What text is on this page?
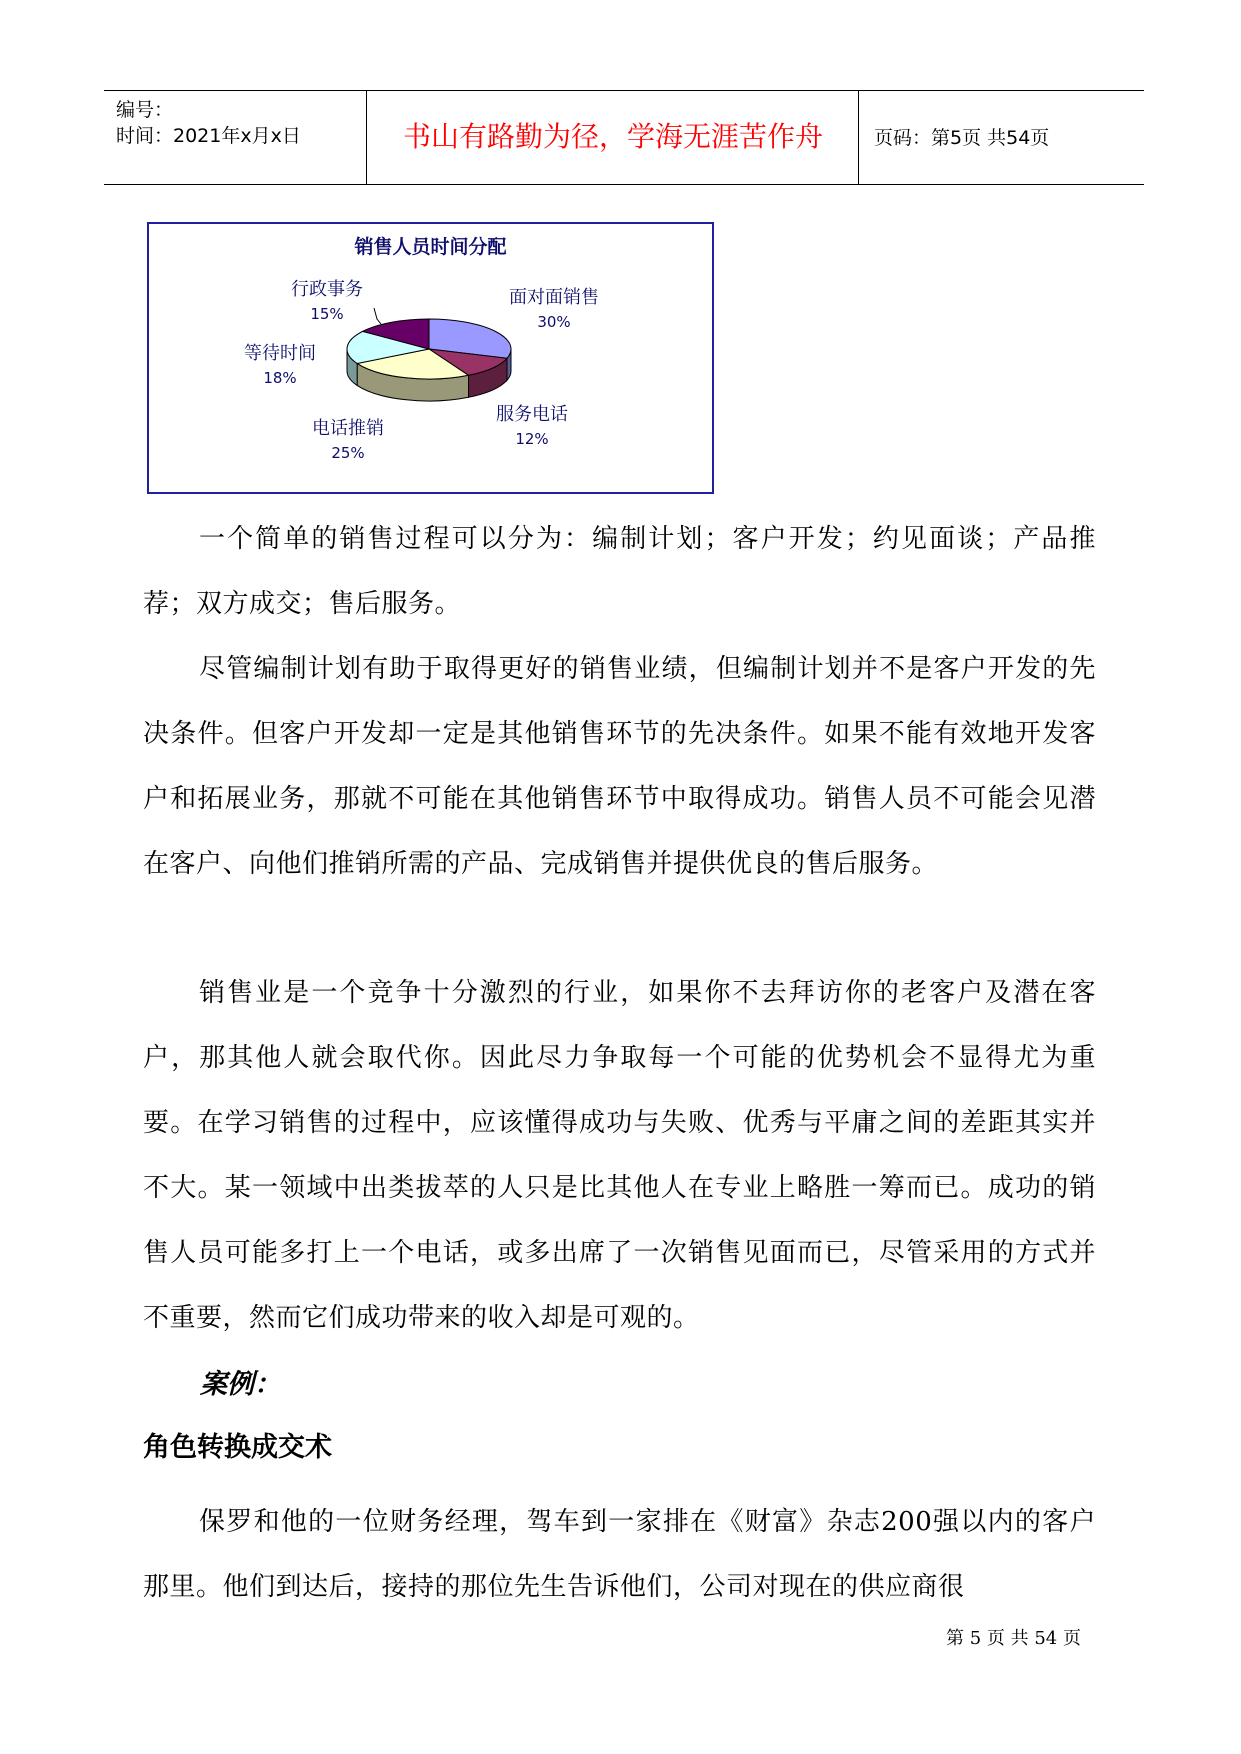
编号：
时间：2021年x月x日	书山有路勤为径，学海无涯苦作舟	页码：第5页 共54页
销售人员时间分配
行政事务
15%
面对面销售
30%
等待时间
18%
服务电话
12%
电话推销
25%
一个简单的销售过程可以分为：编制计划；客户开发；约见面谈；产品推荐；双方成交；售后服务。
尽管编制计划有助于取得更好的销售业绩，但编制计划并不是客户开发的先决条件。但客户开发却一定是其他销售环节的先决条件。如果不能有效地开发客户和拓展业务，那就不可能在其他销售环节中取得成功。销售人员不可能会见潜在客户、向他们推销所需的产品、完成销售并提供优良的售后服务。
销售业是一个竞争十分激烈的行业，如果你不去拜访你的老客户及潜在客户，那其他人就会取代你。因此尽力争取每一个可能的优势机会不显得尤为重要。在学习销售的过程中，应该懂得成功与失败、优秀与平庸之间的差距其实并不大。某一领域中出类拔萃的人只是比其他人在专业上略胜一筹而已。成功的销售人员可能多打上一个电话，或多出席了一次销售见面而已，尽管采用的方式并不重要，然而它们成功带来的收入却是可观的。
案例：
角色转换成交术
保罗和他的一位财务经理，驾车到一家排在《财富》杂志200强以内的客户那里。他们到达后，接持的那位先生告诉他们，公司对现在的供应商很
第 5 页 共 54 页
